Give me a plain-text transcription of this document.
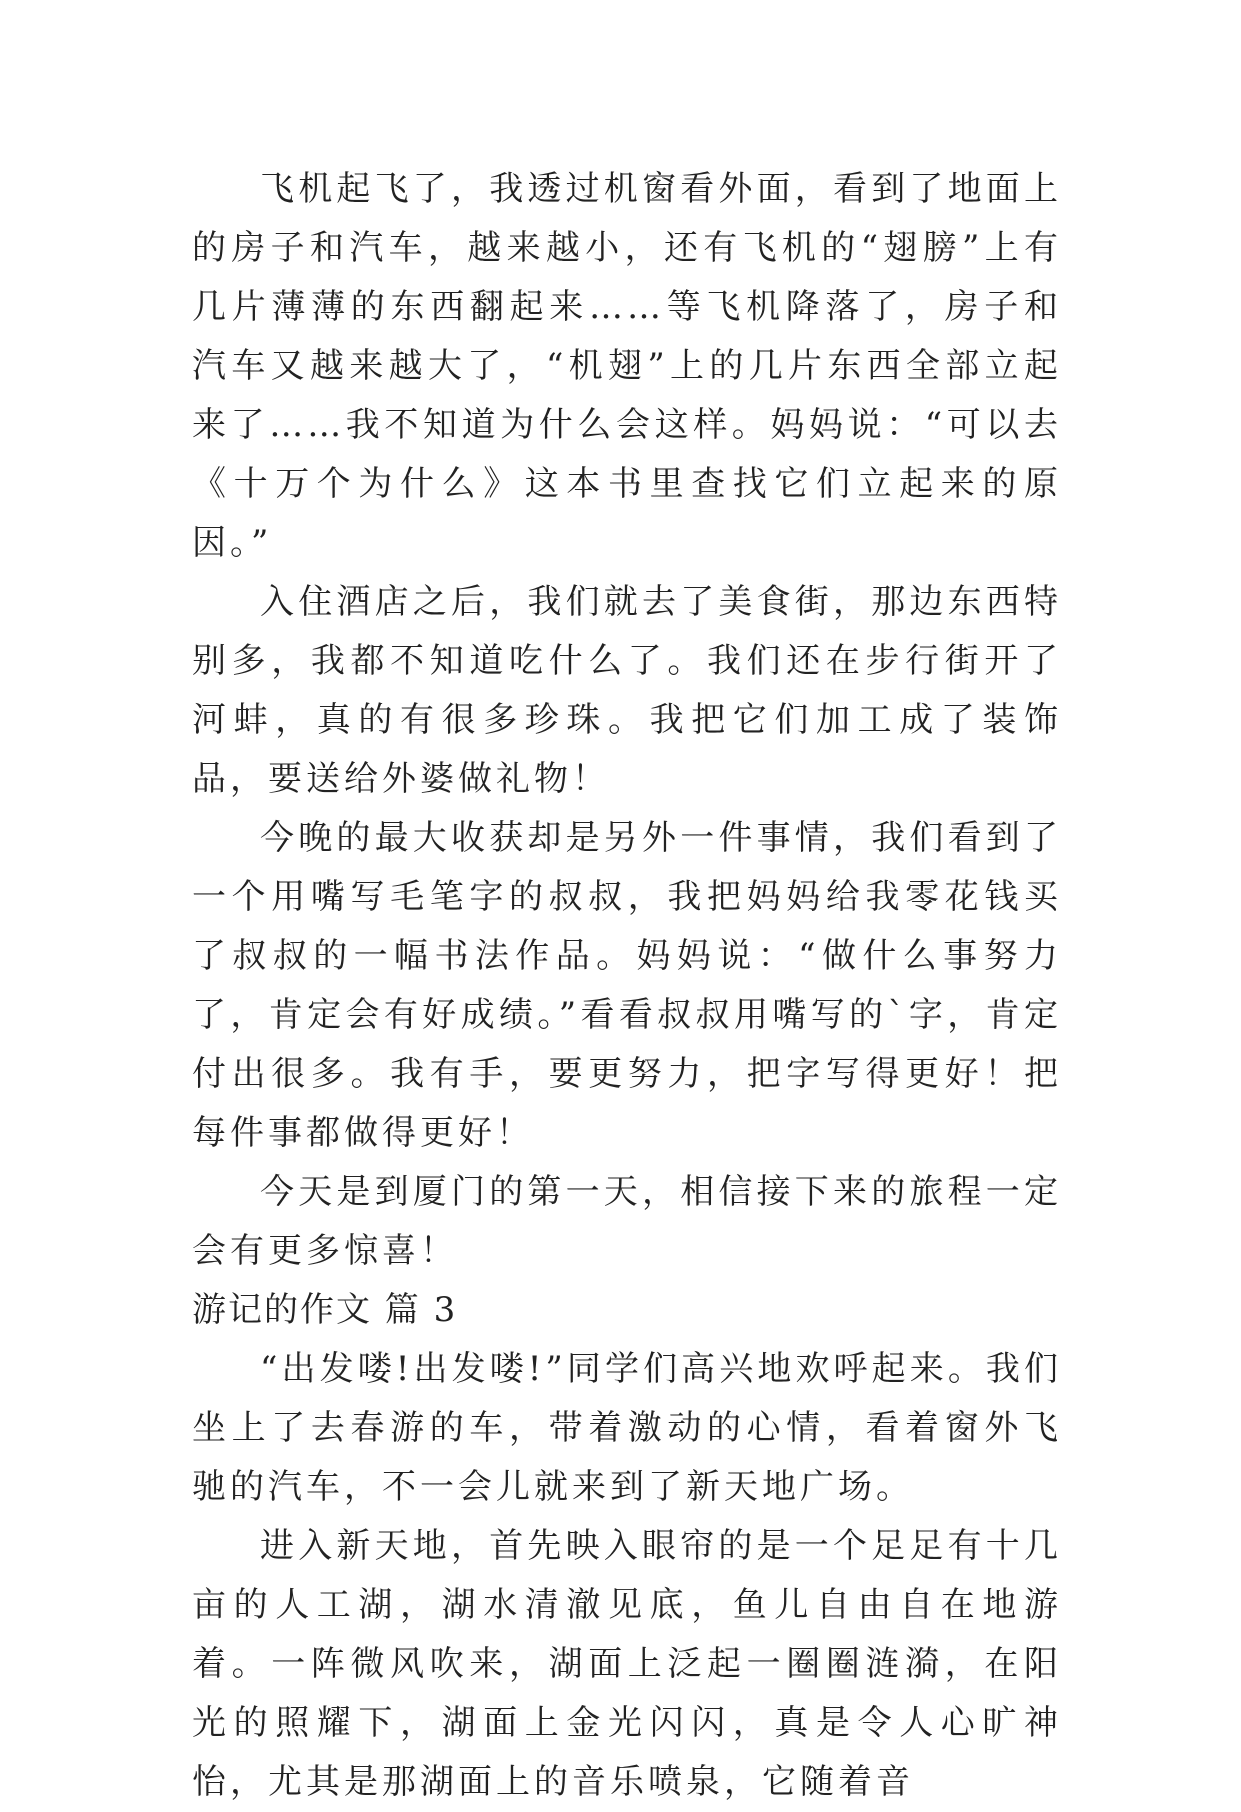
飞机起飞了，我透过机窗看外面，看到了地面上的房子和汽车，越来越小，还有飞机的“翅膀”上有几片薄薄的东西翻起来……等飞机降落了，房子和汽车又越来越大了，“机翅”上的几片东西全部立起来了……我不知道为什么会这样。妈妈说：“可以去《十万个为什么》这本书里查找它们立起来的原因。”

入住酒店之后，我们就去了美食街，那边东西特别多，我都不知道吃什么了。我们还在步行街开了河蚌，真的有很多珍珠。我把它们加工成了装饰品，要送给外婆做礼物！

今晚的最大收获却是另外一件事情，我们看到了一个用嘴写毛笔字的叔叔，我把妈妈给我零花钱买了叔叔的一幅书法作品。妈妈说：“做什么事努力了，肯定会有好成绩。”看看叔叔用嘴写的`字，肯定付出很多。我有手，要更努力，把字写得更好！把每件事都做得更好！

今天是到厦门的第一天，相信接下来的旅程一定会有更多惊喜！

游记的作文 篇 3

“出发喽!出发喽!”同学们高兴地欢呼起来。我们坐上了去春游的车，带着激动的心情，看着窗外飞驰的汽车，不一会儿就来到了新天地广场。

进入新天地，首先映入眼帘的是一个足足有十几亩的人工湖，湖水清澈见底，鱼儿自由自在地游着。一阵微风吹来，湖面上泛起一圈圈涟漪，在阳光的照耀下，湖面上金光闪闪，真是令人心旷神怡，尤其是那湖面上的音乐喷泉，它随着音
